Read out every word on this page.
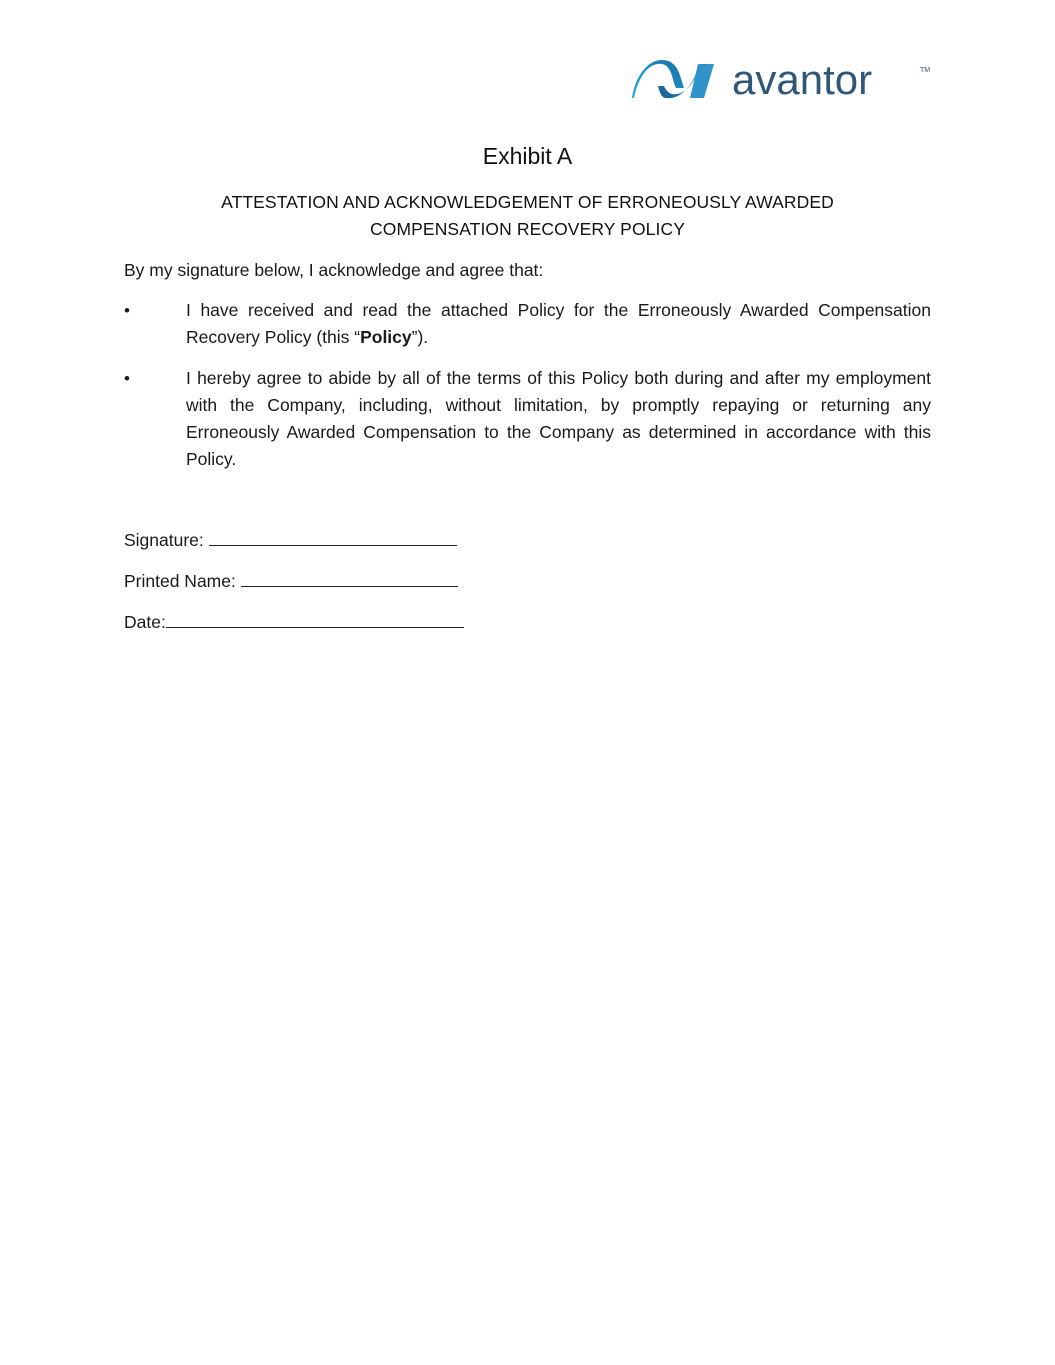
avantor	TM
Exhibit A
ATTESTATION AND ACKNOWLEDGEMENT OF ERRONEOUSLY AWARDED
COMPENSATION RECOVERY POLICY
By my signature below, I acknowledge and agree that:
•	I have received and read the attached Policy for the Erroneously Awarded Compensation Recovery Policy (this “Policy”).
•	I hereby agree to abide by all of the terms of this Policy both during and after my employment with the Company, including, without limitation, by promptly repaying or returning any Erroneously Awarded Compensation to the Company as determined in accordance with this Policy.
Signature:
Printed Name:
Date:
